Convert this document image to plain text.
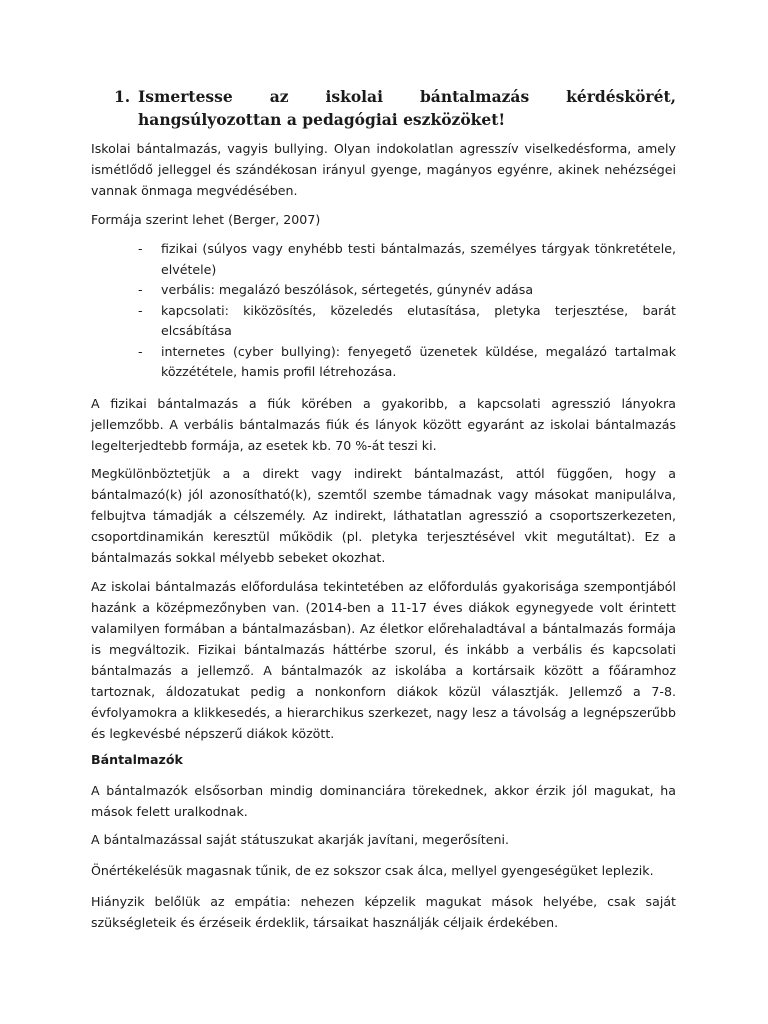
1. Ismertesse az iskolai bántalmazás kérdéskörét, hangsúlyozottan a pedagógiai eszközöket!

Iskolai bántalmazás, vagyis bullying. Olyan indokolatlan agresszív viselkedésforma, amely ismétlődő jelleggel és szándékosan irányul gyenge, magányos egyénre, akinek nehézségei vannak önmaga megvédésében.

Formája szerint lehet (Berger, 2007)

- fizikai (súlyos vagy enyhébb testi bántalmazás, személyes tárgyak tönkretétele, elvétele)
- verbális: megalázó beszólások, sértegetés, gúnynév adása
- kapcsolati: kiközösítés, közeledés elutasítása, pletyka terjesztése, barát elcsábítása
- internetes (cyber bullying): fenyegető üzenetek küldése, megalázó tartalmak közzététele, hamis profil létrehozása.

A fizikai bántalmazás a fiúk körében a gyakoribb, a kapcsolati agresszió lányokra jellemzőbb. A verbális bántalmazás fiúk és lányok között egyaránt az iskolai bántalmazás legelterjedtebb formája, az esetek kb. 70 %-át teszi ki.

Megkülönböztetjük a a direkt vagy indirekt bántalmazást, attól függően, hogy a bántalmazó(k) jól azonosítható(k), szemtől szembe támadnak vagy másokat manipulálva, felbujtva támadják a célszemély. Az indirekt, láthatatlan agresszió a csoportszerkezeten, csoportdinamikán keresztül működik (pl. pletyka terjesztésével vkit megutáltat). Ez a bántalmazás sokkal mélyebb sebeket okozhat.

Az iskolai bántalmazás előfordulása tekintetében az előfordulás gyakorisága szempontjából hazánk a középmezőnyben van. (2014-ben a 11-17 éves diákok egynegyede volt érintett valamilyen formában a bántalmazásban). Az életkor előrehaladtával a bántalmazás formája is megváltozik. Fizikai bántalmazás háttérbe szorul, és inkább a verbális és kapcsolati bántalmazás a jellemző. A bántalmazók az iskolába a kortársaik között a főáramhoz tartoznak, áldozatukat pedig a nonkonforn diákok közül választják. Jellemző a 7-8. évfolyamokra a klikkesedés, a hierarchikus szerkezet, nagy lesz a távolság a legnépszerűbb és legkevésbé népszerű diákok között.

Bántalmazók

A bántalmazók elsősorban mindig dominanciára törekednek, akkor érzik jól magukat, ha mások felett uralkodnak.

A bántalmazással saját státuszukat akarják javítani, megerősíteni.

Önértékelésük magasnak tűnik, de ez sokszor csak álca, mellyel gyengeségüket leplezik.

Hiányzik belőlük az empátia: nehezen képzelik magukat mások helyébe, csak saját szükségleteik és érzéseik érdeklik, társaikat használják céljaik érdekében.
